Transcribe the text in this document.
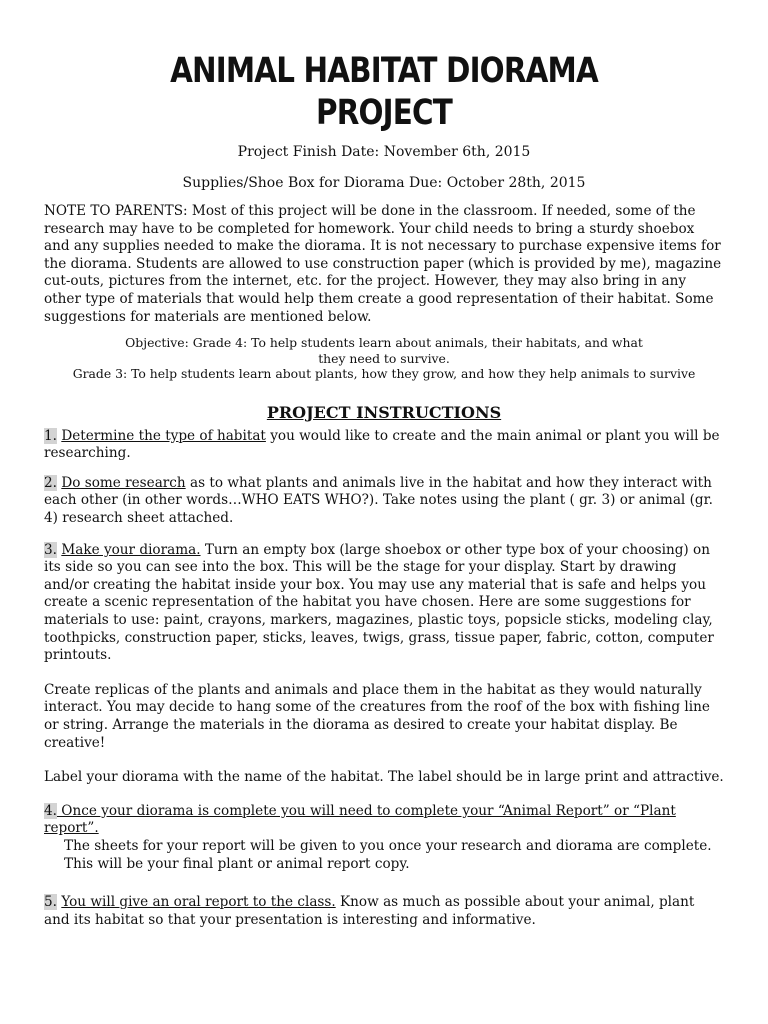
ANIMAL HABITAT DIORAMA PROJECT
Project Finish Date: November 6th, 2015
Supplies/Shoe Box for Diorama Due: October 28th, 2015

NOTE TO PARENTS: Most of this project will be done in the classroom. If needed, some of the research may have to be completed for homework. Your child needs to bring a sturdy shoebox and any supplies needed to make the diorama. It is not necessary to purchase expensive items for the diorama. Students are allowed to use construction paper (which is provided by me), magazine cut-outs, pictures from the internet, etc. for the project. However, they may also bring in any other type of materials that would help them create a good representation of their habitat. Some suggestions for materials are mentioned below.

Objective: Grade 4: To help students learn about animals, their habitats, and what they need to survive.
Grade 3: To help students learn about plants, how they grow, and how they help animals to survive
PROJECT INSTRUCTIONS

1. Determine the type of habitat you would like to create and the main animal or plant you will be researching.

2. Do some research as to what plants and animals live in the habitat and how they interact with each other (in other words…WHO EATS WHO?). Take notes using the plant ( gr. 3) or animal (gr. 4) research sheet attached.

3. Make your diorama. Turn an empty box (large shoebox or other type box of your choosing) on its side so you can see into the box. This will be the stage for your display. Start by drawing and/or creating the habitat inside your box. You may use any material that is safe and helps you create a scenic representation of the habitat you have chosen. Here are some suggestions for materials to use: paint, crayons, markers, magazines, plastic toys, popsicle sticks, modeling clay, toothpicks, construction paper, sticks, leaves, twigs, grass, tissue paper, fabric, cotton, computer printouts.

Create replicas of the plants and animals and place them in the habitat as they would naturally interact. You may decide to hang some of the creatures from the roof of the box with fishing line or string. Arrange the materials in the diorama as desired to create your habitat display. Be creative!

Label your diorama with the name of the habitat. The label should be in large print and attractive.

4. Once your diorama is complete you will need to complete your “Animal Report” or “Plant report”.

The sheets for your report will be given to you once your research and diorama are complete. This will be your final plant or animal report copy.

5. You will give an oral report to the class. Know as much as possible about your animal, plant and its habitat so that your presentation is interesting and informative.
